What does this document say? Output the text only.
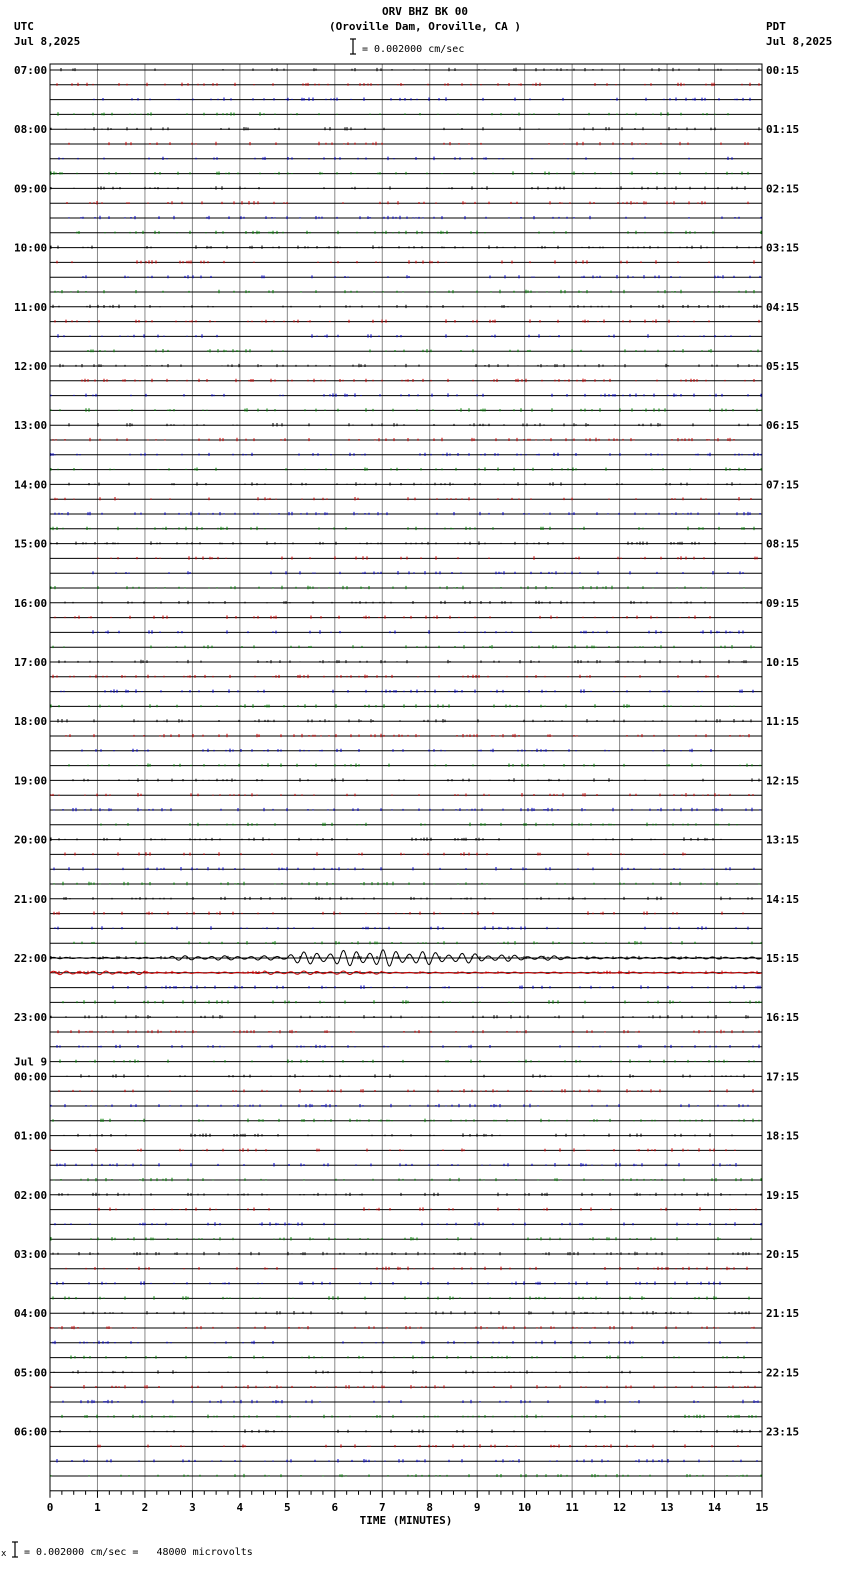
UTC
Jul 8,2025
ORV BHZ BK 00
(Oroville Dam, Oroville, CA )	PDT
Jul 8,2025
= 0.002000 cm/sec
07:00
08:00
09:00
10:00
11:00
12:00
13:00
14:00
15:00
16:00
17:00
18:00
19:00
20:00
21:00
22:00
23:00
Jul 9
00:00
01:00
02:00
03:00
04:00
05:00
06:00
00:15
01:15
02:15
03:15
04:15
05:15
06:15
07:15
08:15
09:15
10:15
11:15
12:15
13:15
14:15
15:15
16:15
17:15
18:15
19:15
20:15
21:15
22:15
23:15
0	1	2	3	4	5	6	7	8	9	10	11	12	13	14	15
TIME (MINUTES)
x = 0.002000 cm/sec =   48000 microvolts
